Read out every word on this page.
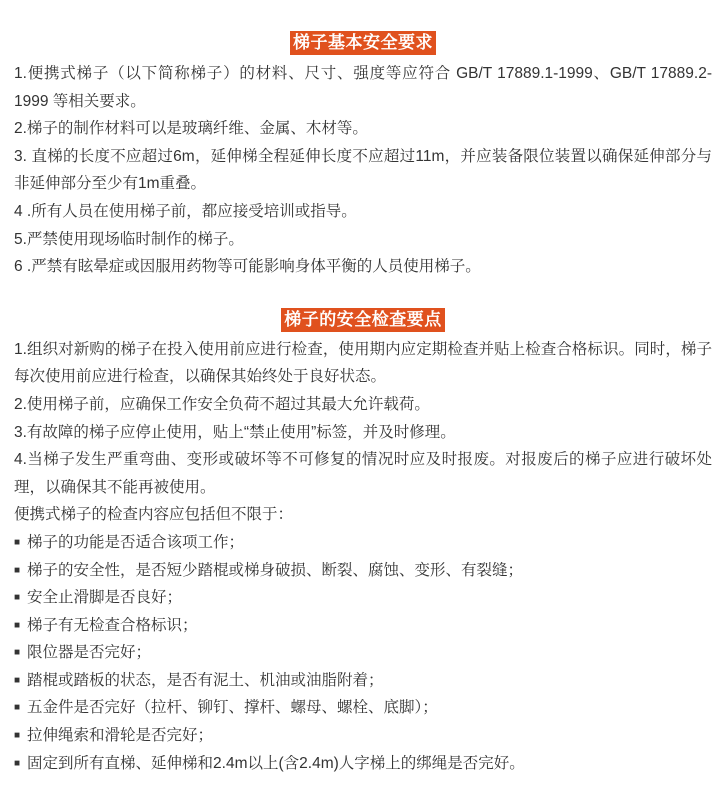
梯子基本安全要求

1.便携式梯子（以下简称梯子）的材料、尺寸、强度等应符合 GB/T 17889.1-1999、GB/T 17889.2-1999 等相关要求。

2.梯子的制作材料可以是玻璃纤维、金属、木材等。

3. 直梯的长度不应超过6m，延伸梯全程延伸长度不应超过11m，并应装备限位装置以确保延伸部分与非延伸部分至少有1m重叠。

4 .所有人员在使用梯子前，都应接受培训或指导。

5.严禁使用现场临时制作的梯子。

6 .严禁有眩晕症或因服用药物等可能影响身体平衡的人员使用梯子。

梯子的安全检查要点

1.组织对新购的梯子在投入使用前应进行检查，使用期内应定期检查并贴上检查合格标识。同时，梯子每次使用前应进行检查，以确保其始终处于良好状态。

2.使用梯子前，应确保工作安全负荷不超过其最大允许载荷。

3.有故障的梯子应停止使用，贴上“禁止使用”标签，并及时修理。

4.当梯子发生严重弯曲、变形或破坏等不可修复的情况时应及时报废。对报废后的梯子应进行破坏处理，以确保其不能再被使用。

便携式梯子的检查内容应包括但不限于：

■ 梯子的功能是否适合该项工作；
■ 梯子的安全性，是否短少踏棍或梯身破损、断裂、腐蚀、变形、有裂缝；
■ 安全止滑脚是否良好；
■ 梯子有无检查合格标识；
■ 限位器是否完好；
■ 踏棍或踏板的状态，是否有泥土、机油或油脂附着；
■ 五金件是否完好（拉杆、铆钉、撑杆、螺母、螺栓、底脚）；
■ 拉伸绳索和滑轮是否完好；
■ 固定到所有直梯、延伸梯和2.4m以上(含2.4m)人字梯上的绑绳是否完好。
